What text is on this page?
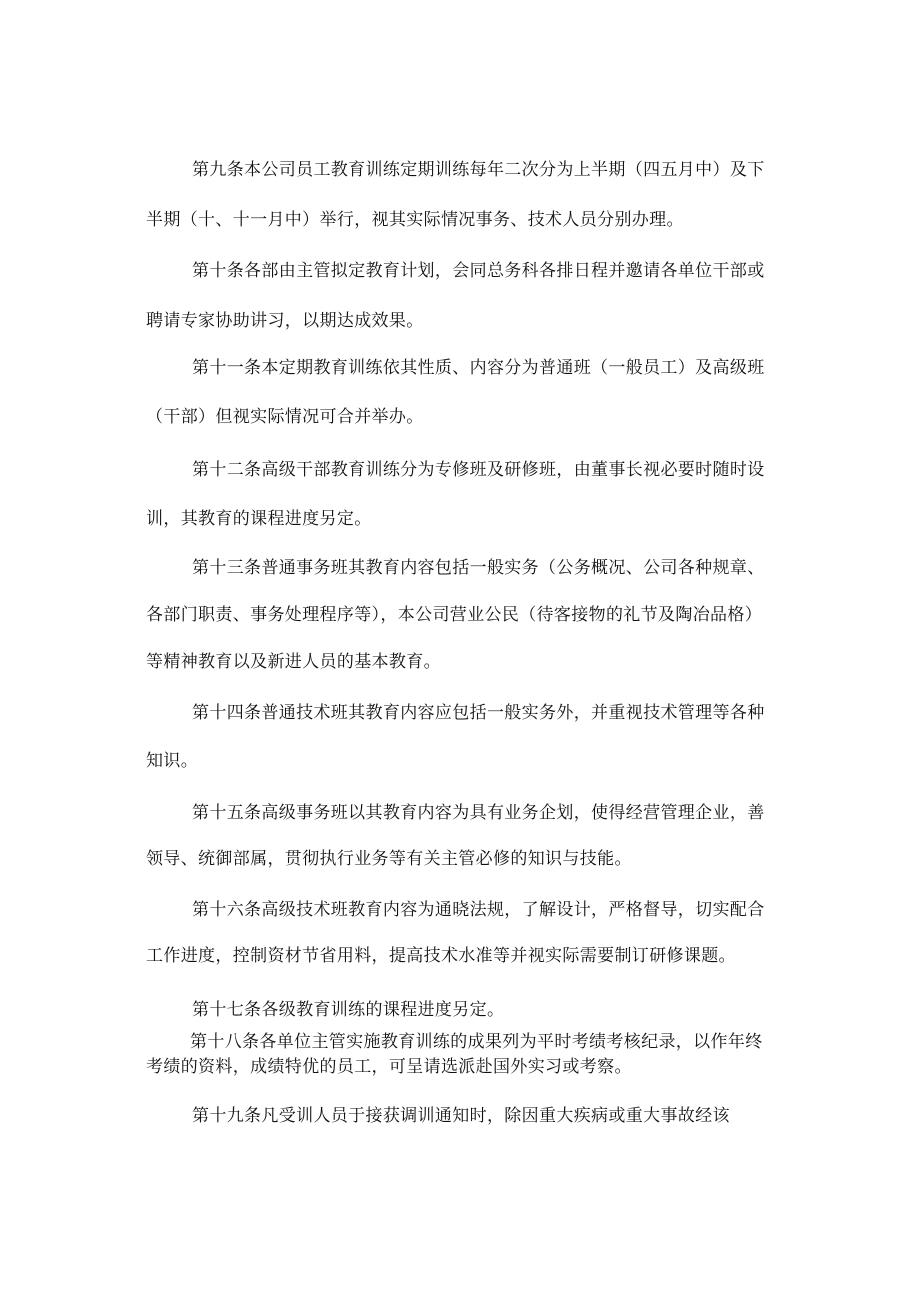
第九条本公司员工教育训练定期训练每年二次分为上半期（四五月中）及下
半期（十、十一月中）举行，视其实际情况事务、技术人员分别办理。
第十条各部由主管拟定教育计划，会同总务科各排日程并邀请各单位干部或
聘请专家协助讲习，以期达成效果。
第十一条本定期教育训练依其性质、内容分为普通班（一般员工）及高级班
（干部）但视实际情况可合并举办。
第十二条高级干部教育训练分为专修班及研修班，由董事长视必要时随时设
训，其教育的课程进度另定。
第十三条普通事务班其教育内容包括一般实务（公务概况、公司各种规章、
各部门职责、事务处理程序等），本公司营业公民（待客接物的礼节及陶冶品格）
等精神教育以及新进人员的基本教育。
第十四条普通技术班其教育内容应包括一般实务外，并重视技术管理等各种
知识。
第十五条高级事务班以其教育内容为具有业务企划，使得经营管理企业，善
领导、统御部属，贯彻执行业务等有关主管必修的知识与技能。
第十六条高级技术班教育内容为通晓法规，了解设计，严格督导，切实配合
工作进度，控制资材节省用料，提高技术水准等并视实际需要制订研修课题。
第十七条各级教育训练的课程进度另定。
第十八条各单位主管实施教育训练的成果列为平时考绩考核纪录，以作年终
考绩的资料，成绩特优的员工，可呈请选派赴国外实习或考察。
第十九条凡受训人员于接获调训通知时，除因重大疾病或重大事故经该
